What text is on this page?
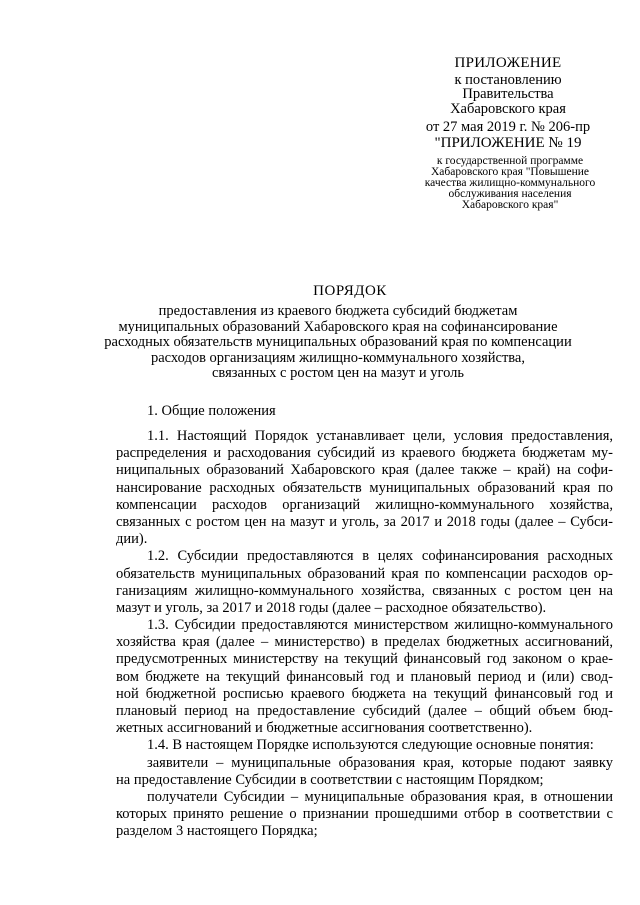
ПРИЛОЖЕНИЕ
к постановлению
Правительства
Хабаровского края
от 27 мая 2019 г. № 206-пр
"ПРИЛОЖЕНИЕ № 19
к государственной программе
Хабаровского края "Повышение
качества жилищно-коммунального
обслуживания населения
Хабаровского края"
ПОРЯДОК
предоставления из краевого бюджета субсидий бюджетам
муниципальных образований Хабаровского края на софинансирование
расходных обязательств муниципальных образований края по компенсации
расходов организациям жилищно-коммунального хозяйства,
связанных с ростом цен на мазут и уголь
1. Общие положения
1.1. Настоящий Порядок устанавливает цели, условия предоставления,
распределения и расходования субсидий из краевого бюджета бюджетам му-
ниципальных образований Хабаровского края (далее также – край) на софи-
нансирование расходных обязательств муниципальных образований края по
компенсации расходов организаций жилищно-коммунального хозяйства,
связанных с ростом цен на мазут и уголь, за 2017 и 2018 годы (далее – Субси-
дии).
1.2. Субсидии предоставляются в целях софинансирования расходных
обязательств муниципальных образований края по компенсации расходов ор-
ганизациям жилищно-коммунального хозяйства, связанных с ростом цен на
мазут и уголь, за 2017 и 2018 годы (далее – расходное обязательство).
1.3. Субсидии предоставляются министерством жилищно-коммунального
хозяйства края (далее – министерство) в пределах бюджетных ассигнований,
предусмотренных министерству на текущий финансовый год законом о крае-
вом бюджете на текущий финансовый год и плановый период и (или) свод-
ной бюджетной росписью краевого бюджета на текущий финансовый год и
плановый период на предоставление субсидий (далее – общий объем бюд-
жетных ассигнований и бюджетные ассигнования соответственно).
1.4. В настоящем Порядке используются следующие основные понятия:
заявители – муниципальные образования края, которые подают заявку
на предоставление Субсидии в соответствии с настоящим Порядком;
получатели Субсидии – муниципальные образования края, в отношении
которых принято решение о признании прошедшими отбор в соответствии с
разделом 3 настоящего Порядка;
